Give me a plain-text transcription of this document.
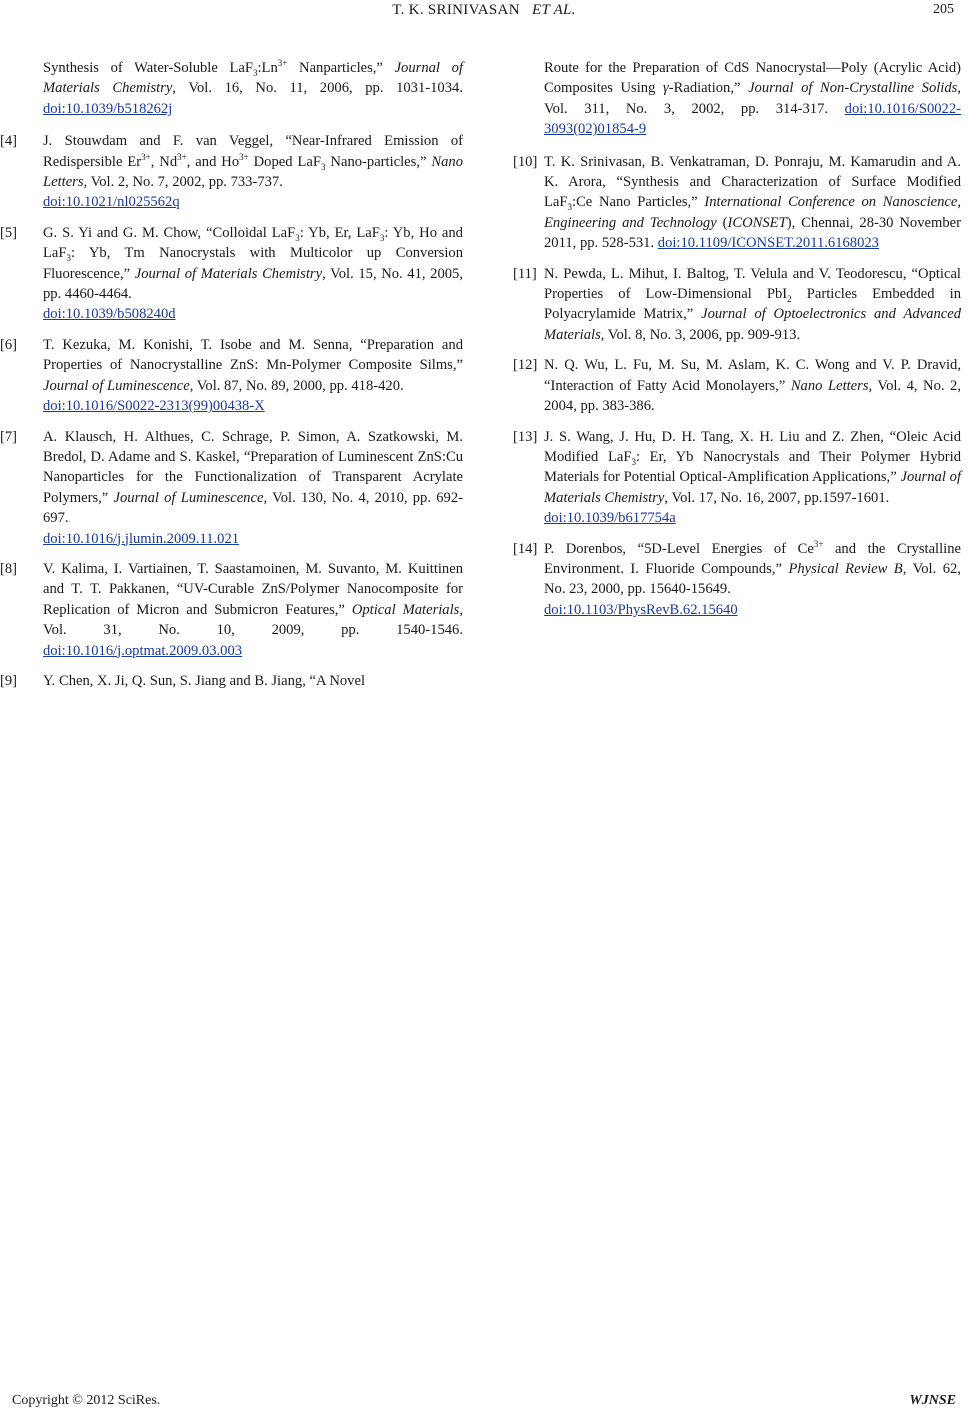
T. K. SRINIVASAN ET AL.	205
Synthesis of Water-Soluble $LaF_3:Ln^{3+}$ Nanparticles,” Journal of Materials Chemistry, Vol. 16, No. 11, 2006, pp. 1031-1034. doi:10.1039/b518262j
[4] J. Stouwdam and F. van Veggel, “Near-Infrared Emission of Redispersible $Er^{3+}$, $Nd^{3+}$, and $Ho^{3+}$ Doped LaF$_3$ Nano-particles,” Nano Letters, Vol. 2, No. 7, 2002, pp. 733-737.
doi:10.1021/nl025562q
[5] G. S. Yi and G. M. Chow, “Colloidal LaF$_3$: Yb, Er, LaF$_3$: Yb, Ho and LaF$_3$: Yb, Tm Nanocrystals with Multicolor up Conversion Fluorescence,” Journal of Materials Chemistry, Vol. 15, No. 41, 2005, pp. 4460-4464.
doi:10.1039/b508240d
[6] T. Kezuka, M. Konishi, T. Isobe and M. Senna, “Preparation and Properties of Nanocrystalline ZnS: Mn-Polymer Composite Silms,” Journal of Luminescence, Vol. 87, No. 89, 2000, pp. 418-420.
doi:10.1016/S0022-2313(99)00438-X
[7] A. Klausch, H. Althues, C. Schrage, P. Simon, A. Szatkowski, M. Bredol, D. Adame and S. Kaskel, “Preparation of Luminescent ZnS:Cu Nanoparticles for the Functionalization of Transparent Acrylate Polymers,” Journal of Luminescence, Vol. 130, No. 4, 2010, pp. 692-697.
doi:10.1016/j.jlumin.2009.11.021
[8] V. Kalima, I. Vartiainen, T. Saastamoinen, M. Suvanto, M. Kuittinen and T. T. Pakkanen, “UV-Curable ZnS/Polymer Nanocomposite for Replication of Micron and Submicron Features,” Optical Materials, Vol. 31, No. 10, 2009, pp. 1540-1546. doi:10.1016/j.optmat.2009.03.003
[9] Y. Chen, X. Ji, Q. Sun, S. Jiang and B. Jiang, “A Novel
Route for the Preparation of CdS Nanocrystal—Poly (Acrylic Acid) Composites Using γ-Radiation,” Journal of Non-Crystalline Solids, Vol. 311, No. 3, 2002, pp. 314-317. doi:10.1016/S0022-3093(02)01854-9
[10] T. K. Srinivasan, B. Venkatraman, D. Ponraju, M. Kamarudin and A. K. Arora, “Synthesis and Characterization of Surface Modified LaF$_3$:Ce Nano Particles,” International Conference on Nanoscience, Engineering and Technology (ICONSET), Chennai, 28-30 November 2011, pp. 528-531. doi:10.1109/ICONSET.2011.6168023
[11] N. Pewda, L. Mihut, I. Baltog, T. Velula and V. Teodorescu, “Optical Properties of Low-Dimensional PbI$_2$ Particles Embedded in Polyacrylamide Matrix,” Journal of Optoelectronics and Advanced Materials, Vol. 8, No. 3, 2006, pp. 909-913.
[12] N. Q. Wu, L. Fu, M. Su, M. Aslam, K. C. Wong and V. P. Dravid, “Interaction of Fatty Acid Monolayers,” Nano Letters, Vol. 4, No. 2, 2004, pp. 383-386.
[13] J. S. Wang, J. Hu, D. H. Tang, X. H. Liu and Z. Zhen, “Oleic Acid Modified LaF$_3$: Er, Yb Nanocrystals and Their Polymer Hybrid Materials for Potential Optical-Amplification Applications,” Journal of Materials Chemistry, Vol. 17, No. 16, 2007, pp.1597-1601.
doi:10.1039/b617754a
[14] P. Dorenbos, “5D-Level Energies of $Ce^{3+}$ and the Crystalline Environment. I. Fluoride Compounds,” Physical Review B, Vol. 62, No. 23, 2000, pp. 15640-15649.
doi:10.1103/PhysRevB.62.15640
Copyright © 2012 SciRes.	WJNSE
